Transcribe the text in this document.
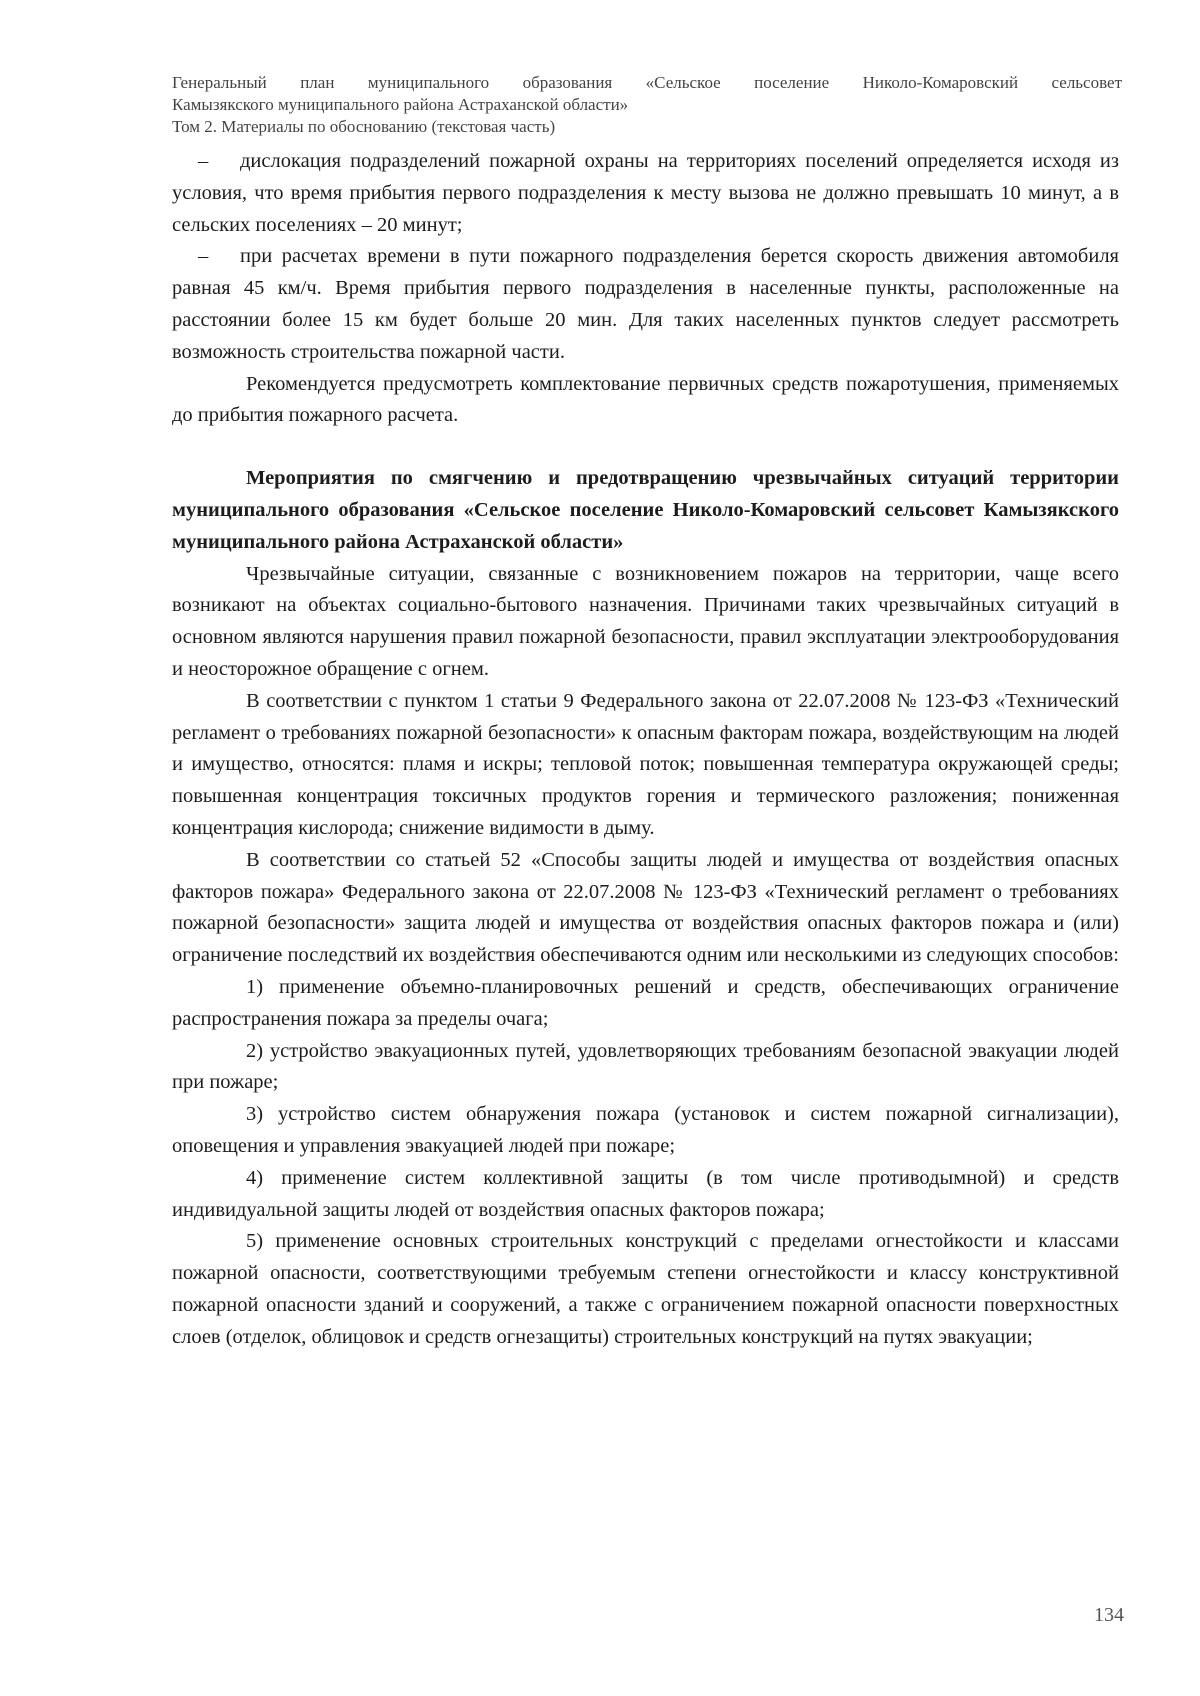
Генеральный план муниципального образования «Сельское поселение Николо-Комаровский сельсовет
Камызякского муниципального района Астраханской области»
Том 2. Материалы по обоснованию (текстовая часть)

– дислокация подразделений пожарной охраны на территориях поселений определяется исходя из условия, что время прибытия первого подразделения к месту вызова не должно превышать 10 минут, а в сельских поселениях – 20 минут;

– при расчетах времени в пути пожарного подразделения берется скорость движения автомобиля равная 45 км/ч. Время прибытия первого подразделения в населенные пункты, расположенные на расстоянии более 15 км будет больше 20 мин. Для таких населенных пунктов следует рассмотреть возможность строительства пожарной части.

Рекомендуется предусмотреть комплектование первичных средств пожаротушения, применяемых до прибытия пожарного расчета.

Мероприятия по смягчению и предотвращению чрезвычайных ситуаций территории муниципального образования «Сельское поселение Николо-Комаровский сельсовет Камызякского муниципального района Астраханской области»

Чрезвычайные ситуации, связанные с возникновением пожаров на территории, чаще всего возникают на объектах социально-бытового назначения. Причинами таких чрезвычайных ситуаций в основном являются нарушения правил пожарной безопасности, правил эксплуатации электрооборудования и неосторожное обращение с огнем.

В соответствии с пунктом 1 статьи 9 Федерального закона от 22.07.2008 № 123-ФЗ «Технический регламент о требованиях пожарной безопасности» к опасным факторам пожара, воздействующим на людей и имущество, относятся: пламя и искры; тепловой поток; повышенная температура окружающей среды; повышенная концентрация токсичных продуктов горения и термического разложения; пониженная концентрация кислорода; снижение видимости в дыму.

В соответствии со статьей 52 «Способы защиты людей и имущества от воздействия опасных факторов пожара» Федерального закона от 22.07.2008 № 123-ФЗ «Технический регламент о требованиях пожарной безопасности» защита людей и имущества от воздействия опасных факторов пожара и (или) ограничение последствий их воздействия обеспечиваются одним или несколькими из следующих способов:

1) применение объемно-планировочных решений и средств, обеспечивающих ограничение распространения пожара за пределы очага;

2) устройство эвакуационных путей, удовлетворяющих требованиям безопасной эвакуации людей при пожаре;

3) устройство систем обнаружения пожара (установок и систем пожарной сигнализации), оповещения и управления эвакуацией людей при пожаре;

4) применение систем коллективной защиты (в том числе противодымной) и средств индивидуальной защиты людей от воздействия опасных факторов пожара;

5) применение основных строительных конструкций с пределами огнестойкости и классами пожарной опасности, соответствующими требуемым степени огнестойкости и классу конструктивной пожарной опасности зданий и сооружений, а также с ограничением пожарной опасности поверхностных слоев (отделок, облицовок и средств огнезащиты) строительных конструкций на путях эвакуации;

134
